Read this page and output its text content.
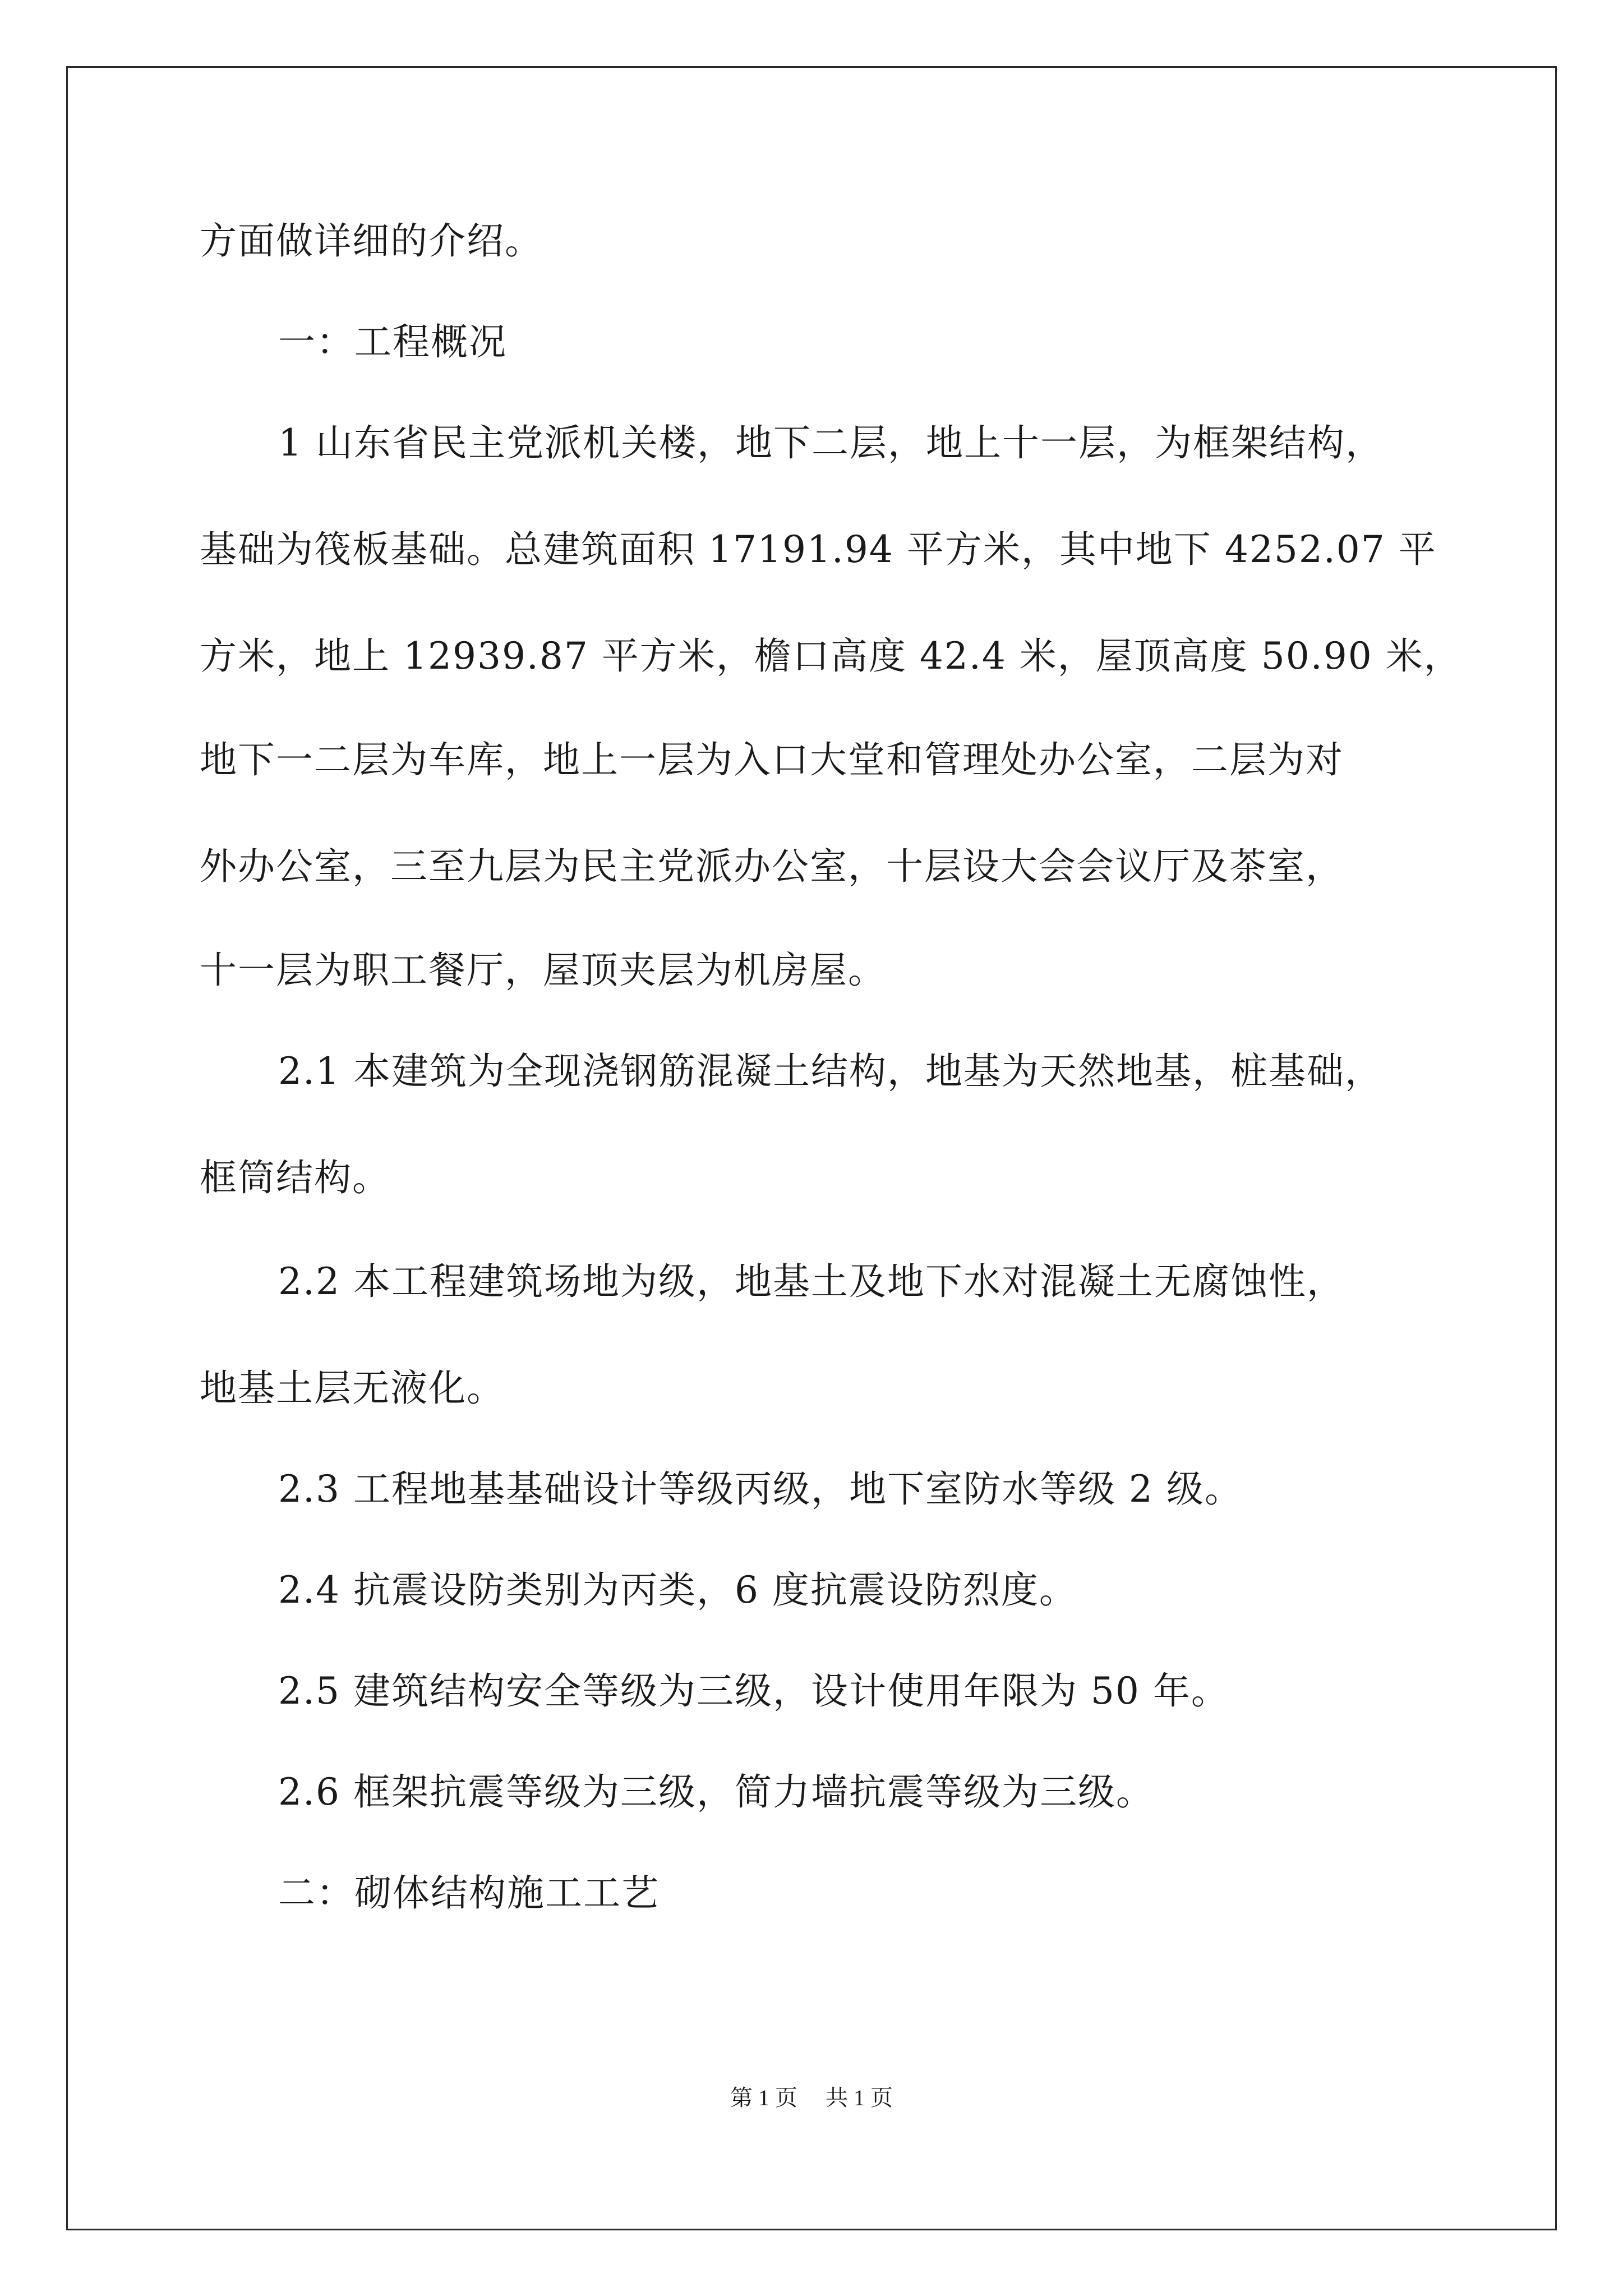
方面做详细的介绍。
一：工程概况
1 山东省民主党派机关楼，地下二层，地上十一层，为框架结构，
基础为筏板基础。总建筑面积 17191.94 平方米，其中地下 4252.07 平
方米，地上 12939.87 平方米，檐口高度 42.4 米，屋顶高度 50.90 米，
地下一二层为车库，地上一层为入口大堂和管理处办公室，二层为对
外办公室，三至九层为民主党派办公室，十层设大会会议厅及茶室，
十一层为职工餐厅，屋顶夹层为机房屋。
2.1 本建筑为全现浇钢筋混凝土结构，地基为天然地基，桩基础，
框筒结构。
2.2 本工程建筑场地为级，地基土及地下水对混凝土无腐蚀性，
地基土层无液化。
2.3 工程地基基础设计等级丙级，地下室防水等级 2 级。
2.4 抗震设防类别为丙类，6 度抗震设防烈度。
2.5 建筑结构安全等级为三级，设计使用年限为 50 年。
2.6 框架抗震等级为三级，简力墙抗震等级为三级。
二：砌体结构施工工艺
第 1 页 共 1 页
